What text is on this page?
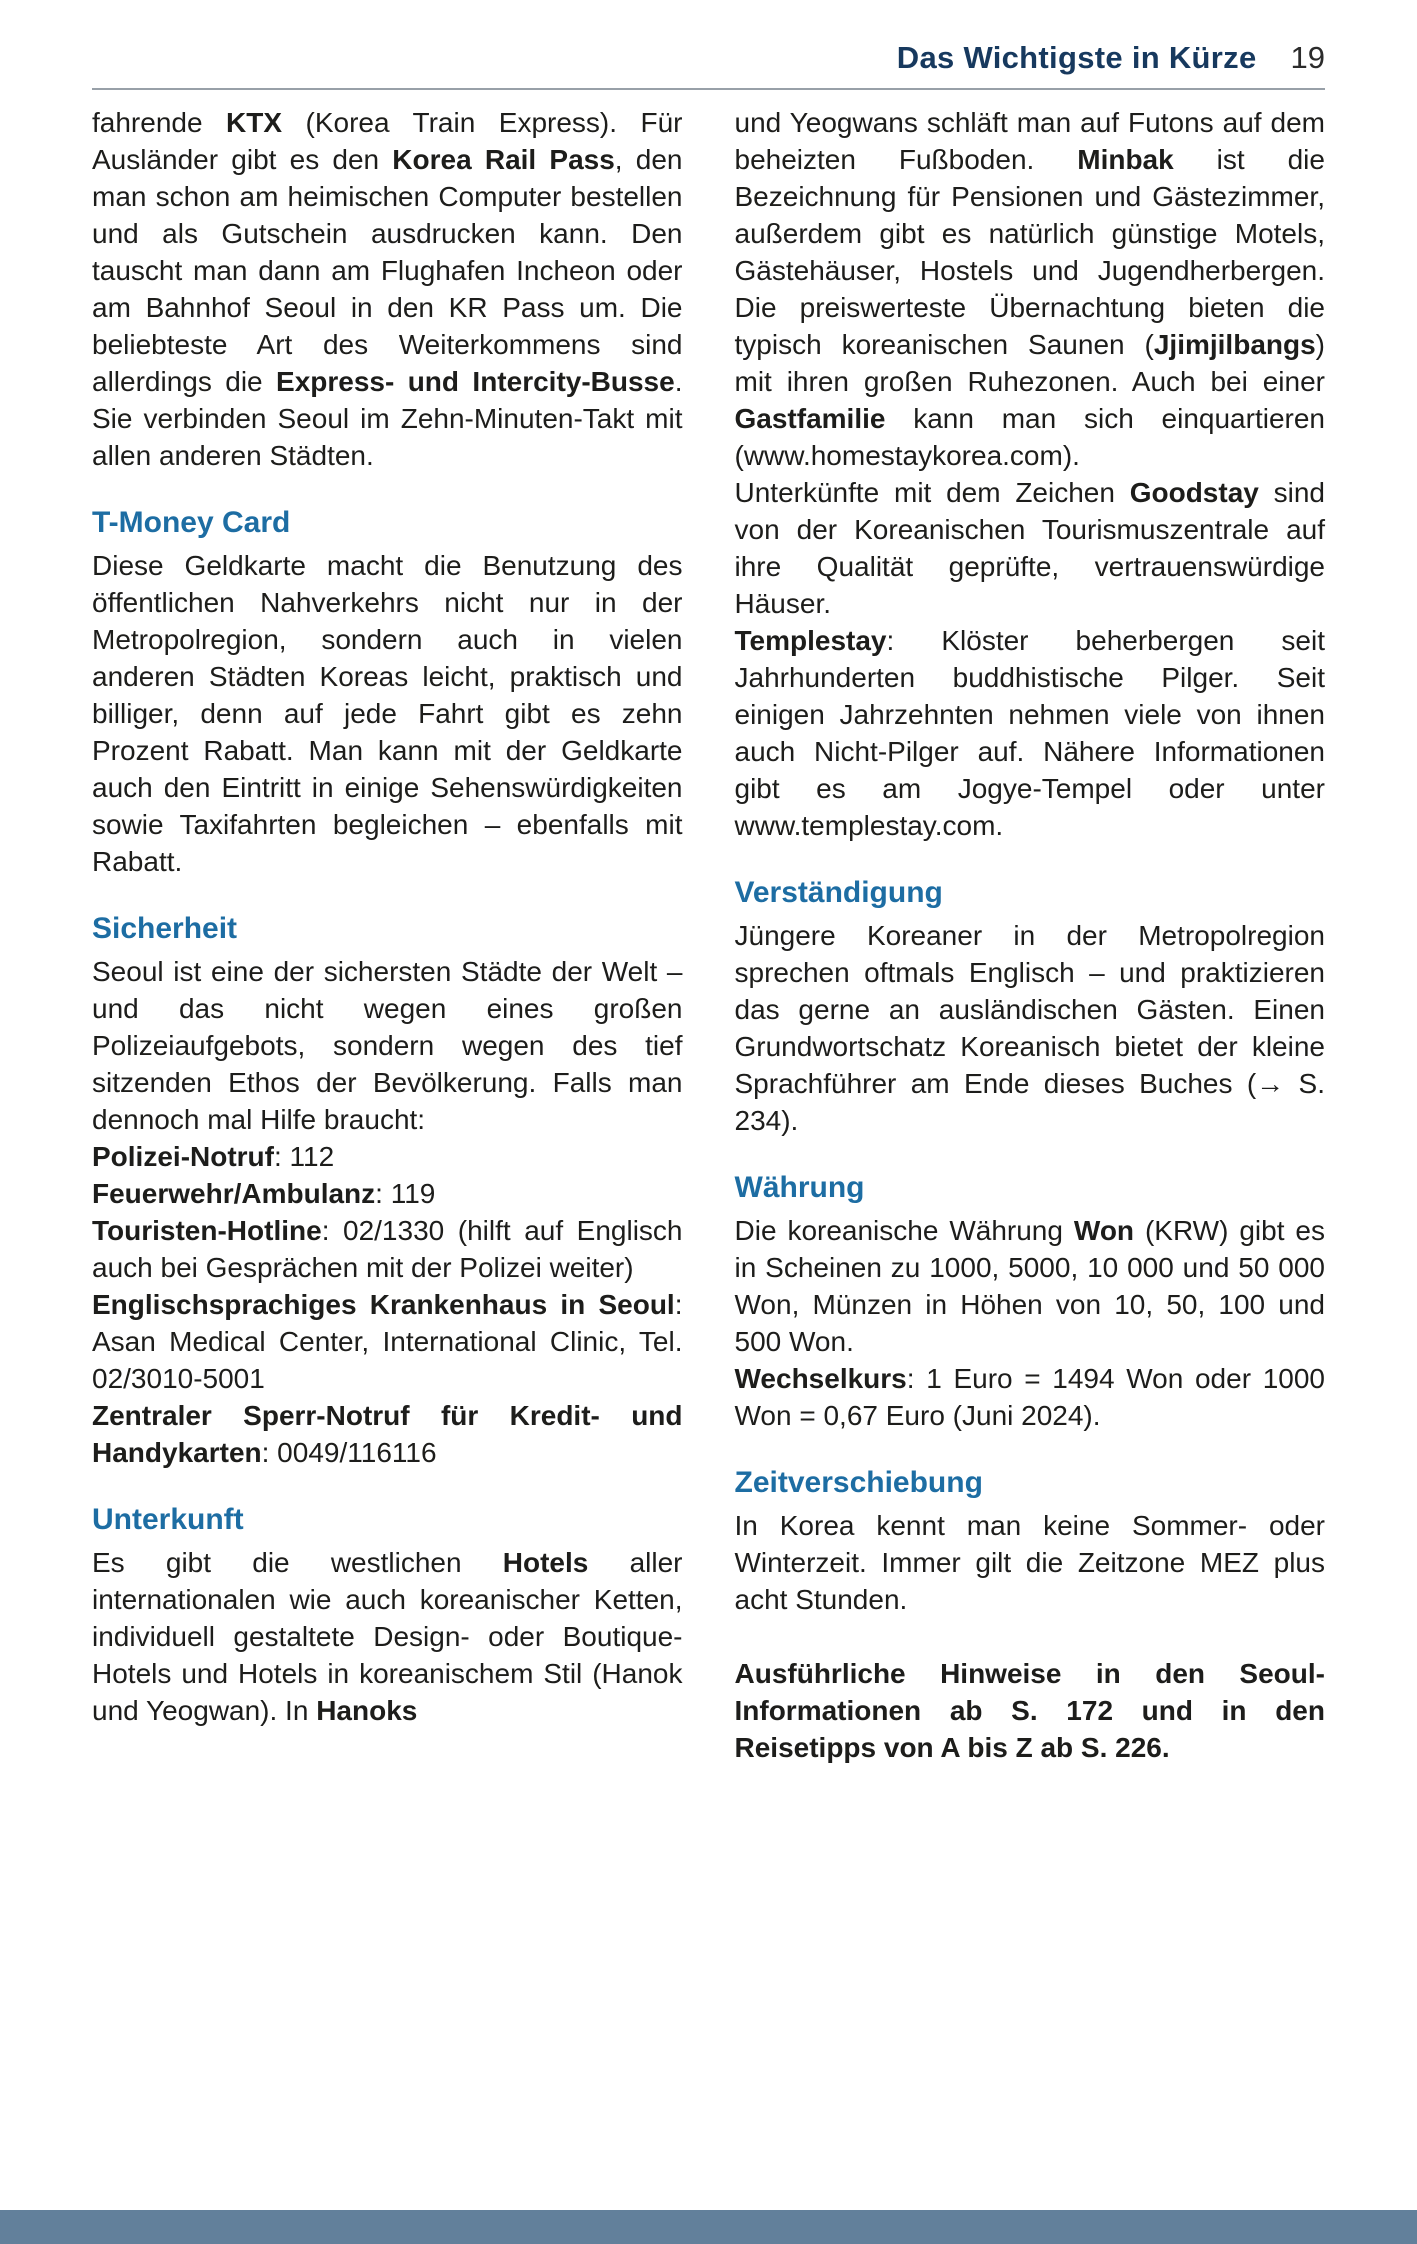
Das Wichtigste in Kürze 19

fahrende KTX (Korea Train Express). Für Ausländer gibt es den Korea Rail Pass, den man schon am heimischen Computer bestellen und als Gutschein ausdrucken kann. Den tauscht man dann am Flughafen Incheon oder am Bahnhof Seoul in den KR Pass um. Die beliebteste Art des Weiterkommens sind allerdings die Express- und Intercity-Busse. Sie verbinden Seoul im Zehn-Minuten-Takt mit allen anderen Städten.

T-Money Card

Diese Geldkarte macht die Benutzung des öffentlichen Nahverkehrs nicht nur in der Metropolregion, sondern auch in vielen anderen Städten Koreas leicht, praktisch und billiger, denn auf jede Fahrt gibt es zehn Prozent Rabatt. Man kann mit der Geldkarte auch den Eintritt in einige Sehenswürdigkeiten sowie Taxifahrten begleichen – ebenfalls mit Rabatt.

Sicherheit

Seoul ist eine der sichersten Städte der Welt – und das nicht wegen eines großen Polizeiaufgebots, sondern wegen des tief sitzenden Ethos der Bevölkerung. Falls man dennoch mal Hilfe braucht:

Polizei-Notruf: 112

Feuerwehr/Ambulanz: 119

Touristen-Hotline: 02/1330 (hilft auf Englisch auch bei Gesprächen mit der Polizei weiter)

Englischsprachiges Krankenhaus in Seoul: Asan Medical Center, International Clinic, Tel. 02/3010-5001

Zentraler Sperr-Notruf für Kredit- und Handykarten: 0049/116116

Unterkunft

Es gibt die westlichen Hotels aller internationalen wie auch koreanischer Ketten, individuell gestaltete Design- oder Boutique-Hotels und Hotels in koreanischem Stil (Hanok und Yeogwan). In Hanoks

und Yeogwans schläft man auf Futons auf dem beheizten Fußboden. Minbak ist die Bezeichnung für Pensionen und Gästezimmer, außerdem gibt es natürlich günstige Motels, Gästehäuser, Hostels und Jugendherbergen. Die preiswerteste Übernachtung bieten die typisch koreanischen Saunen (Jjimjilbangs) mit ihren großen Ruhezonen. Auch bei einer Gastfamilie kann man sich einquartieren (www.homestaykorea.com).

Unterkünfte mit dem Zeichen Goodstay sind von der Koreanischen Tourismuszentrale auf ihre Qualität geprüfte, vertrauenswürdige Häuser.

Templestay: Klöster beherbergen seit Jahrhunderten buddhistische Pilger. Seit einigen Jahrzehnten nehmen viele von ihnen auch Nicht-Pilger auf. Nähere Informationen gibt es am Jogye-Tempel oder unter www.templestay.com.

Verständigung

Jüngere Koreaner in der Metropolregion sprechen oftmals Englisch – und praktizieren das gerne an ausländischen Gästen. Einen Grundwortschatz Koreanisch bietet der kleine Sprachführer am Ende dieses Buches (→ S. 234).

Währung

Die koreanische Währung Won (KRW) gibt es in Scheinen zu 1000, 5000, 10 000 und 50 000 Won, Münzen in Höhen von 10, 50, 100 und 500 Won.

Wechselkurs: 1 Euro = 1494 Won oder 1000 Won = 0,67 Euro (Juni 2024).

Zeitverschiebung

In Korea kennt man keine Sommer- oder Winterzeit. Immer gilt die Zeitzone MEZ plus acht Stunden.

Ausführliche Hinweise in den Seoul-Informationen ab S. 172 und in den Reisetipps von A bis Z ab S. 226.
